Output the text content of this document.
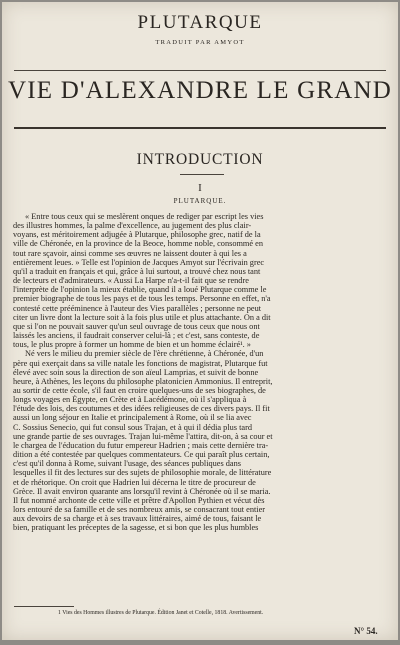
PLUTARQUE
TRADUIT PAR AMYOT
VIE D'ALEXANDRE LE GRAND
INTRODUCTION
I
PLUTARQUE.
« Entre tous ceux qui se meslèrent onques de rediger par escript les vies
des illustres hommes, la palme d'excellence, au jugement des plus clair-
voyans, est méritoirement adjugée à Plutarque, philosophe grec, natif de la
ville de Chéronée, en la province de la Beoce, homme noble, consommé en
tout rare sçavoir, ainsi comme ses œuvres ne laissent douter à qui les a
entièrement leues. » Telle est l'opinion de Jacques Amyot sur l'écrivain grec
qu'il a traduit en français et qui, grâce à lui surtout, a trouvé chez nous tant
de lecteurs et d'admirateurs. « Aussi La Harpe n'a-t-il fait que se rendre
l'interprète de l'opinion la mieux établie, quand il a loué Plutarque comme le
premier biographe de tous les pays et de tous les temps. Personne en effet, n'a
contesté cette prééminence à l'auteur des Vies parallèles ; personne ne peut
citer un livre dont la lecture soit à la fois plus utile et plus attachante. On a dit
que si l'on ne pouvait sauver qu'un seul ouvrage de tous ceux que nous ont
laissés les anciens, il faudrait conserver celui-là ; et c'est, sans conteste, de
tous, le plus propre à former un homme de bien et un homme éclairé¹. »
Né vers le milieu du premier siècle de l'ère chrétienne, à Chéronée, d'un
père qui exerçait dans sa ville natale les fonctions de magistrat, Plutarque fut
élevé avec soin sous la direction de son aïeul Lamprias, et suivit de bonne
heure, à Athènes, les leçons du philosophe platonicien Ammonius. Il entreprit,
au sortir de cette école, s'il faut en croire quelques-uns de ses biographes, de
longs voyages en Égypte, en Crète et à Lacédémone, où il s'appliqua à
l'étude des lois, des coutumes et des idées religieuses de ces divers pays. Il fit
aussi un long séjour en Italie et principalement à Rome, où il se lia avec
C. Sossius Senecio, qui fut consul sous Trajan, et à qui il dédia plus tard
une grande partie de ses ouvrages. Trajan lui-même l'attira, dit-on, à sa cour et
le chargea de l'éducation du futur empereur Hadrien ; mais cette dernière tra-
dition a été contestée par quelques commentateurs. Ce qui paraît plus certain,
c'est qu'il donna à Rome, suivant l'usage, des séances publiques dans
lesquelles il fit des lectures sur des sujets de philosophie morale, de littérature
et de rhétorique. On croit que Hadrien lui décerna le titre de procureur de
Grèce. Il avait environ quarante ans lorsqu'il revint à Chéronée où il se maria.
Il fut nommé archonte de cette ville et prêtre d'Apollon Pythien et vécut dès
lors entouré de sa famille et de ses nombreux amis, se consacrant tout entier
aux devoirs de sa charge et à ses travaux littéraires, aimé de tous, faisant le
bien, pratiquant les préceptes de la sagesse, et si bon que les plus humbles
1 Vies des Hommes illustres de Plutarque. Édition Janet et Cotelle, 1818. Avertissement.
N° 54.
